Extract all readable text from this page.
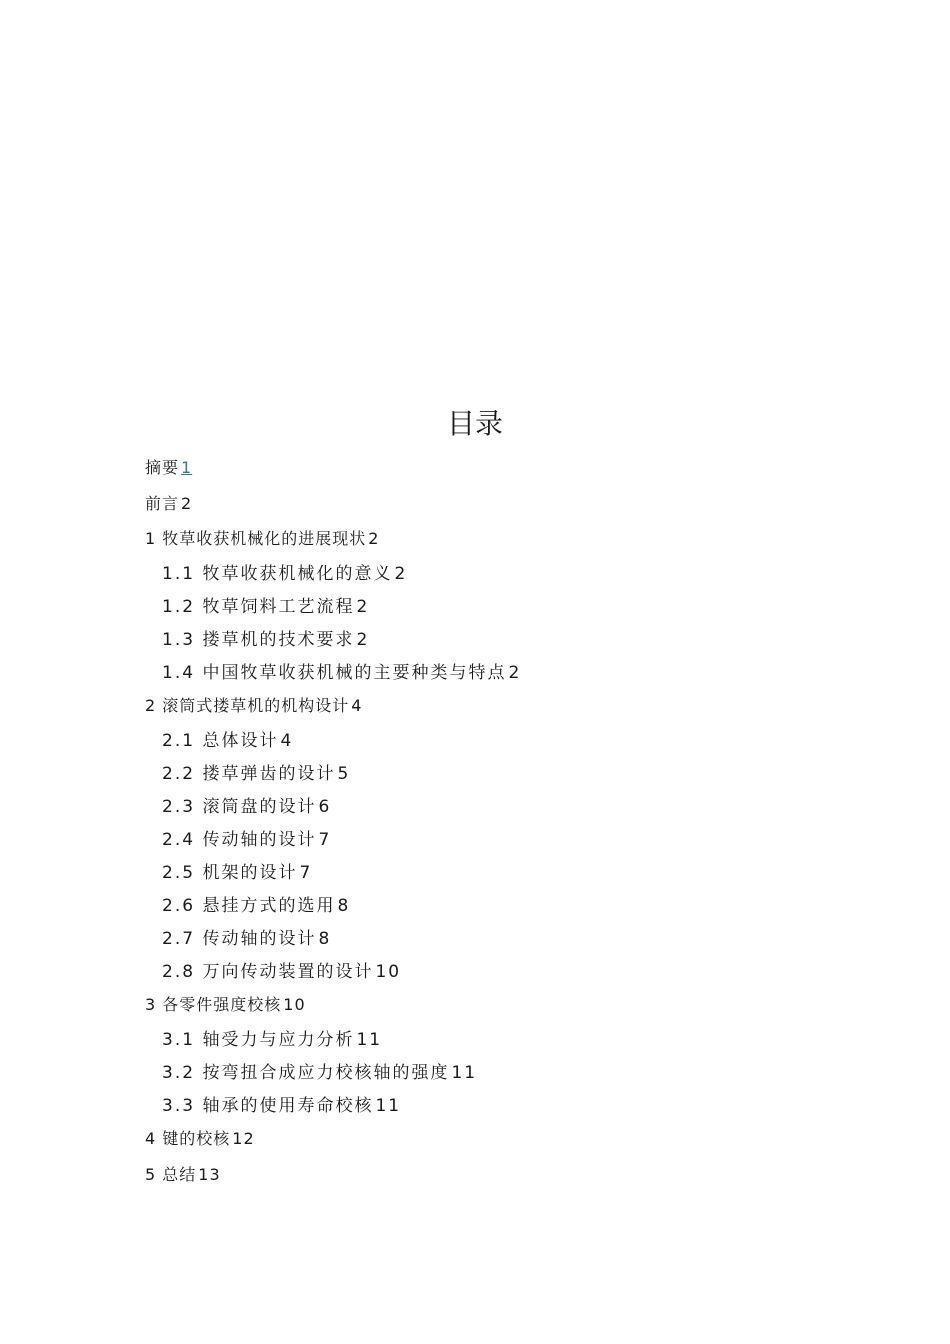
目录
摘要 1
前言 2
1 牧草收获机械化的进展现状 2
1.1 牧草收获机械化的意义 2
1.2 牧草饲料工艺流程 2
1.3 搂草机的技术要求 2
1.4 中国牧草收获机械的主要种类与特点 2
2 滚筒式搂草机的机构设计 4
2.1 总体设计 4
2.2 搂草弹齿的设计 5
2.3 滚筒盘的设计 6
2.4 传动轴的设计 7
2.5 机架的设计 7
2.6 悬挂方式的选用 8
2.7 传动轴的设计 8
2.8 万向传动装置的设计 10
3 各零件强度校核 10
3.1 轴受力与应力分析 11
3.2 按弯扭合成应力校核轴的强度 11
3.3 轴承的使用寿命校核 11
4 键的校核 12
5 总结 13
